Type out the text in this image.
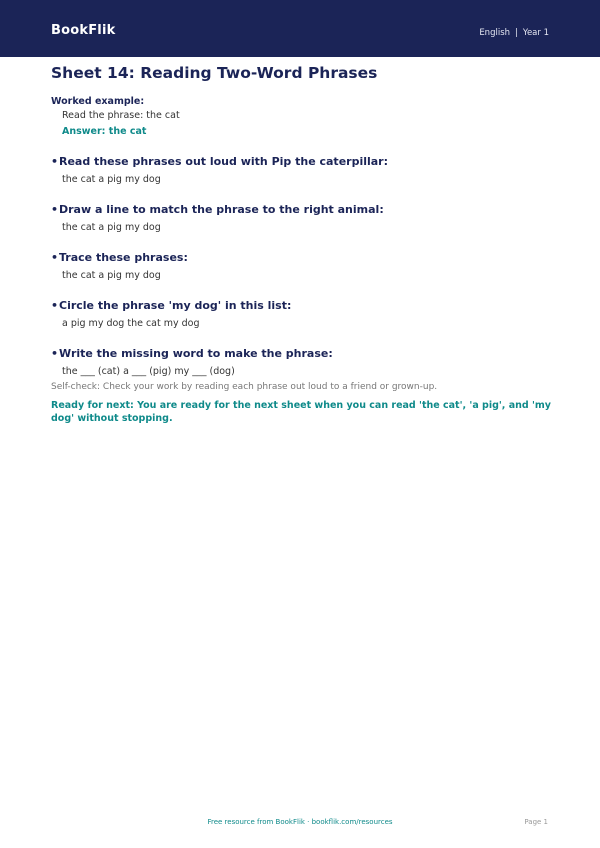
BookFlik	English | Year 1
Sheet 14: Reading Two-Word Phrases
Worked example:
Read the phrase: the cat
Answer: the cat
•Read these phrases out loud with Pip the caterpillar:
the cat a pig my dog
•Draw a line to match the phrase to the right animal:
the cat a pig my dog
•Trace these phrases:
the cat a pig my dog
•Circle the phrase 'my dog' in this list:
a pig my dog the cat my dog
•Write the missing word to make the phrase:
the ___ (cat) a ___ (pig) my ___ (dog)
Self-check: Check your work by reading each phrase out loud to a friend or grown-up.
Ready for next: You are ready for the next sheet when you can read 'the cat', 'a pig', and 'my dog' without stopping.
Free resource from BookFlik · bookflik.com/resources	Page 1
